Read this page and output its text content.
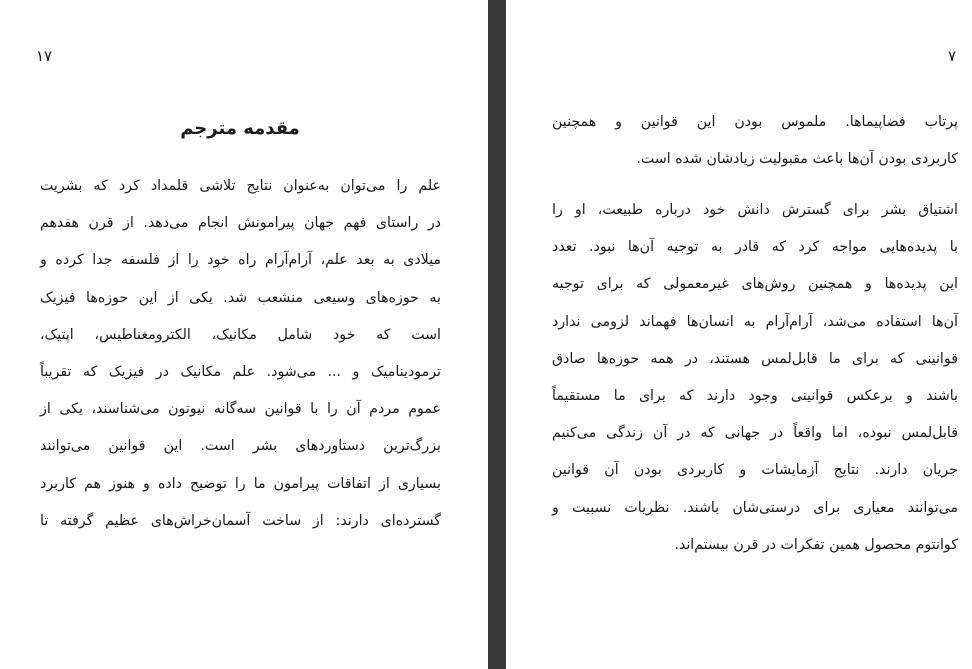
۱۷
مقدمه مترجم
علم را می‌توان به‌عنوان نتایج تلاشی قلمداد کرد که بشریت
در راستای فهم جهان پیرامونش انجام می‌دهد. از قرن هفدهم
میلادی به بعد علم، آرام‌آرام راه خود را از فلسفه جدا کرده و
به حوزه‌های وسیعی منشعب شد. یکی از این حوزه‌ها فیزیک
است که خود شامل مکانیک، الکترومغناطیس، اپتیک،
ترمودینامیک و ... می‌شود. علم مکانیک در فیزیک که تقریباً
عموم مردم آن را با قوانین سه‌گانه نیوتون می‌شناسند، یکی از
بزرگ‌ترین دستاوردهای بشر است. این قوانین می‌توانند
بسیاری از اتفاقات پیرامون ما را توضیح داده و هنوز هم کاربرد
گسترده‌ای دارند: از ساخت آسمان‌خراش‌های عظیم گرفته تا
۷
پرتاب فضاپیماها. ملموس بودن این قوانین و همچنین
کاربردی بودن آن‌ها باعث مقبولیت زیادشان شده است.
اشتیاق بشر برای گسترش دانش خود درباره طبیعت، او را
با پدیده‌هایی مواجه کرد که قادر به توجیه آن‌ها نبود. تعدد
این پدیده‌ها و همچنین روش‌های غیرمعمولی که برای توجیه
آن‌ها استفاده می‌شد، آرام‌آرام به انسان‌ها فهماند لزومی ندارد
قوانینی که برای ما قابل‌لمس هستند، در همه حوزه‌ها صادق
باشند و برعکس قوانینی وجود دارند که برای ما مستقیماً
قابل‌لمس نبوده، اما واقعاً در جهانی که در آن زندگی می‌کنیم
جریان دارند. نتایج آزمایشات و کاربردی بودن آن قوانین
می‌توانند معیاری برای درستی‌شان باشند. نظریات نسبیت و
کوانتوم محصول همین تفکرات در قرن بیستم‌اند.
